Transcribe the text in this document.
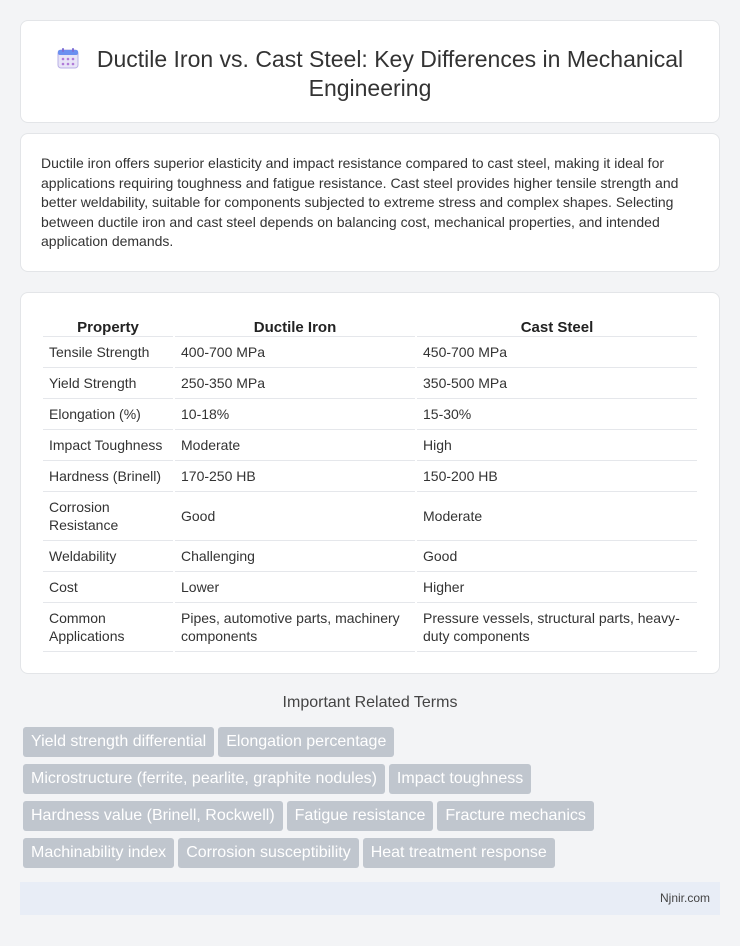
Ductile Iron vs. Cast Steel: Key Differences in Mechanical Engineering

Ductile iron offers superior elasticity and impact resistance compared to cast steel, making it ideal for applications requiring toughness and fatigue resistance. Cast steel provides higher tensile strength and better weldability, suitable for components subjected to extreme stress and complex shapes. Selecting between ductile iron and cast steel depends on balancing cost, mechanical properties, and intended application demands.

Property	Ductile Iron	Cast Steel
Tensile Strength	400-700 MPa	450-700 MPa
Yield Strength	250-350 MPa	350-500 MPa
Elongation (%)	10-18%	15-30%
Impact Toughness	Moderate	High
Hardness (Brinell)	170-250 HB	150-200 HB
Corrosion Resistance	Good	Moderate
Weldability	Challenging	Good
Cost	Lower	Higher
Common Applications	Pipes, automotive parts, machinery components	Pressure vessels, structural parts, heavy-duty components
Important Related Terms
Yield strength differential Elongation percentage
Microstructure (ferrite, pearlite, graphite nodules) Impact toughness
Hardness value (Brinell, Rockwell) Fatigue resistance Fracture mechanics
Machinability index Corrosion susceptibility Heat treatment response
Njnir.com
